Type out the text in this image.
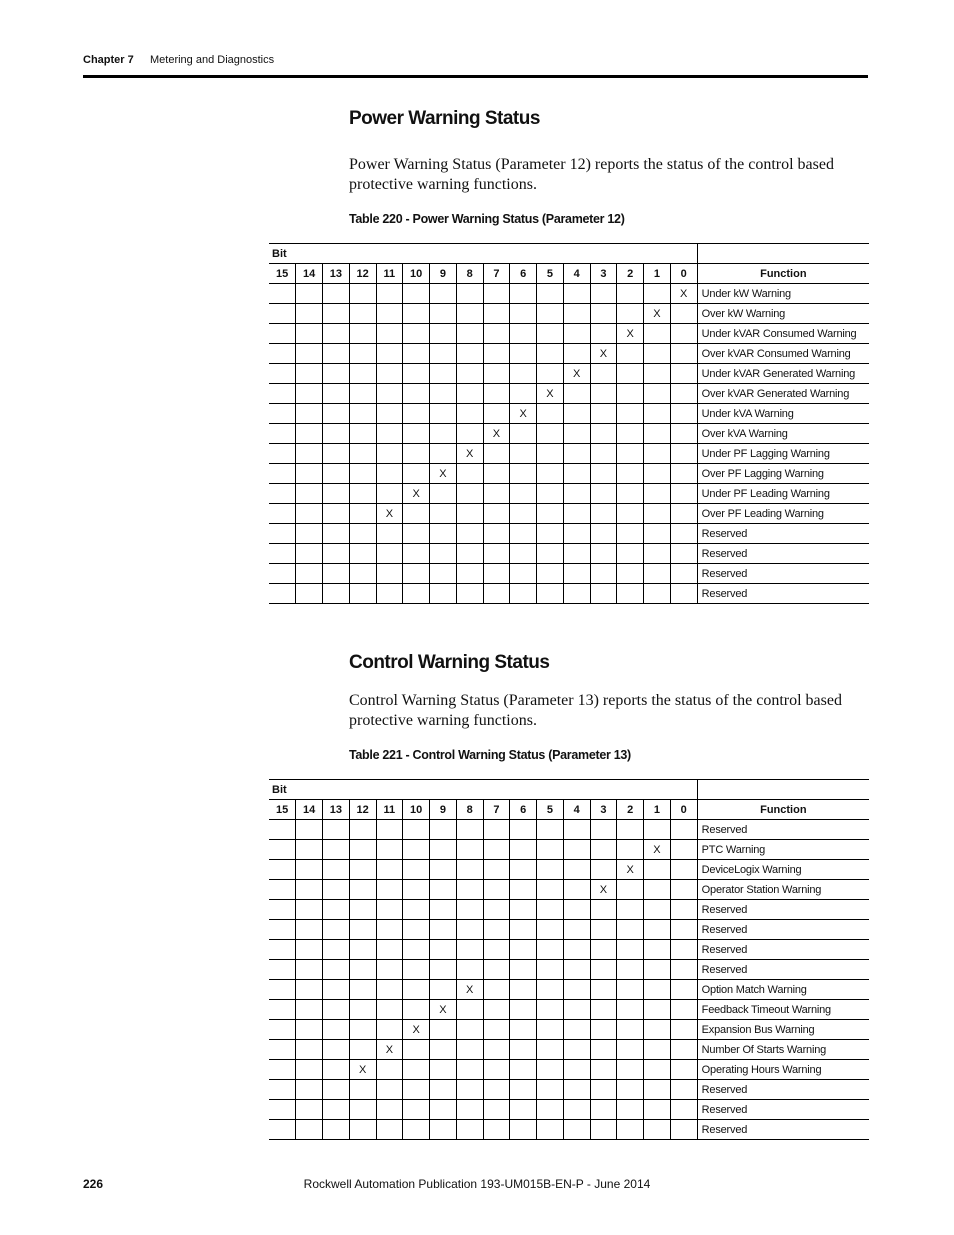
Chapter 7 Metering and Diagnostics
Power Warning Status

Power Warning Status (Parameter 12) reports the status of the control based protective warning functions.

Table 220 - Power Warning Status (Parameter 12)
Bit																
15	14	13	12	11	10	9	8	7	6	5	4	3	2	1	0	Function
															X	Under kW Warning
														X		Over kW Warning
													X			Under kVAR Consumed Warning
												X				Over kVAR Consumed Warning
											X					Under kVAR Generated Warning
										X						Over kVAR Generated Warning
									X							Under kVA Warning
								X								Over kVA Warning
							X									Under PF Lagging Warning
						X										Over PF Lagging Warning
					X											Under PF Leading Warning
				X												Over PF Leading Warning
																Reserved
																Reserved
																Reserved
																Reserved
Control Warning Status

Control Warning Status (Parameter 13) reports the status of the control based protective warning functions.

Table 221 - Control Warning Status (Parameter 13)
Bit																
15	14	13	12	11	10	9	8	7	6	5	4	3	2	1	0	Function
																Reserved
														X		PTC Warning
													X			DeviceLogix Warning
												X				Operator Station Warning
																Reserved
																Reserved
																Reserved
																Reserved
							X									Option Match Warning
						X										Feedback Timeout Warning
					X											Expansion Bus Warning
				X												Number Of Starts Warning
			X													Operating Hours Warning
																Reserved
																Reserved
																Reserved
Rockwell Automation Publication 193-UM015B-EN-P - June 2014
226
